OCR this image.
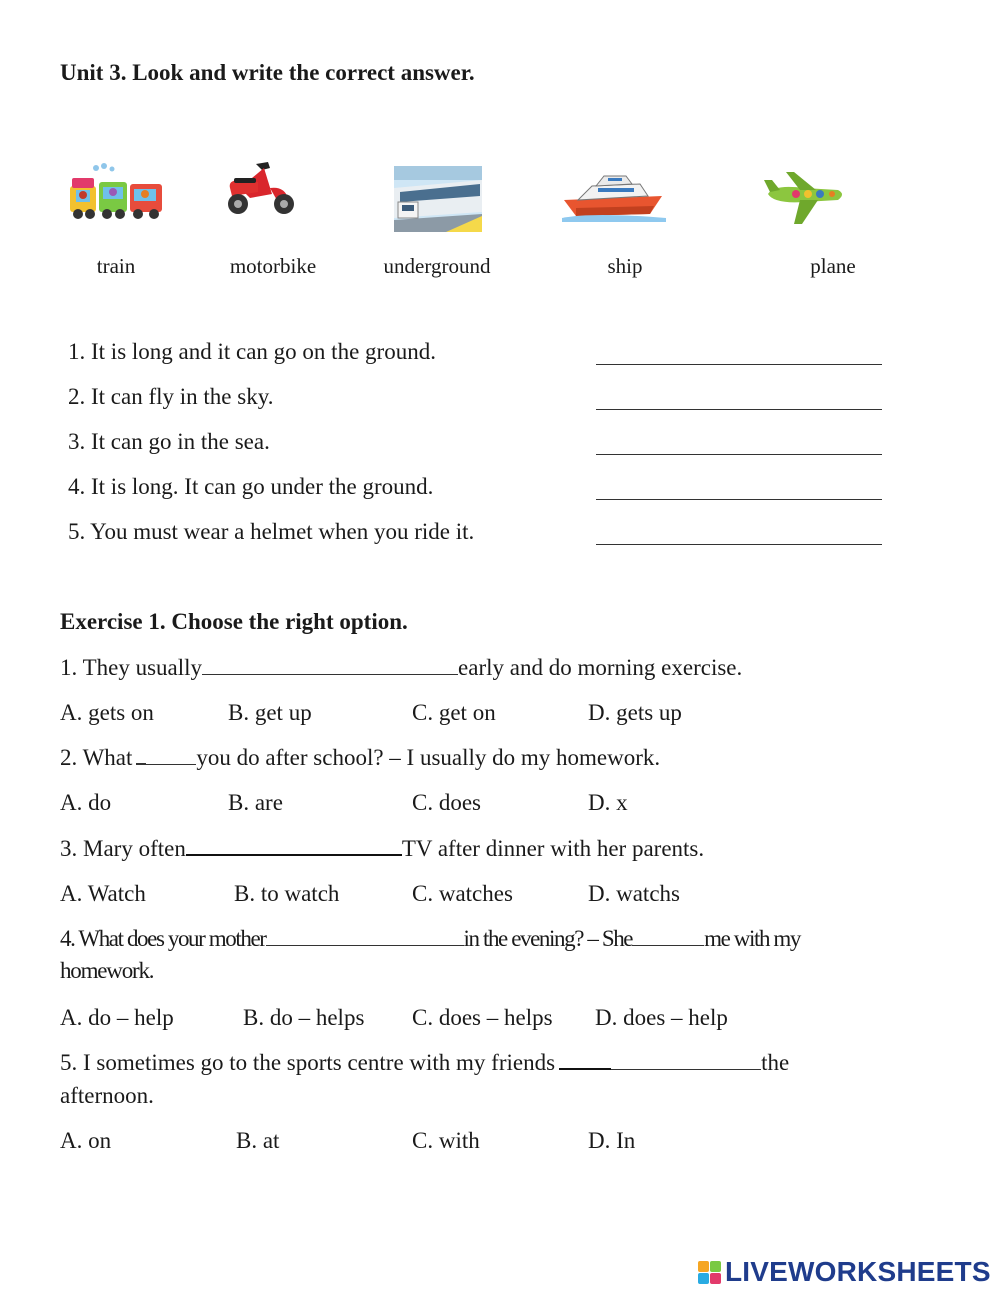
Unit 3. Look and write the correct answer.
train	motorbike	underground	ship	plane
1. It is long and it can go on the ground.
2. It can fly in the sky.
3. It can go in the sea.
4. It is long. It can go under the ground.
5. You must wear a helmet when you ride it.
Exercise 1. Choose the right option.
1. They usually	early and do morning exercise.
A. gets on	B. get up	C. get on	D. gets up
2. What	you do after school? – I usually do my homework.
A. do	B. are	C. does	D. x
3. Mary often	TV after dinner with her parents.
A. Watch	B. to watch	C. watches	D. watchs
4. What does your mother	in the evening? – She	me with my
homework.
A. do – help	B. do – helps C. does – helps D. does – help
5. I sometimes go to the sports centre with my friends	the
afternoon.
A. on	B. at	C. with	D. In
LIVEWORKSHEETS
